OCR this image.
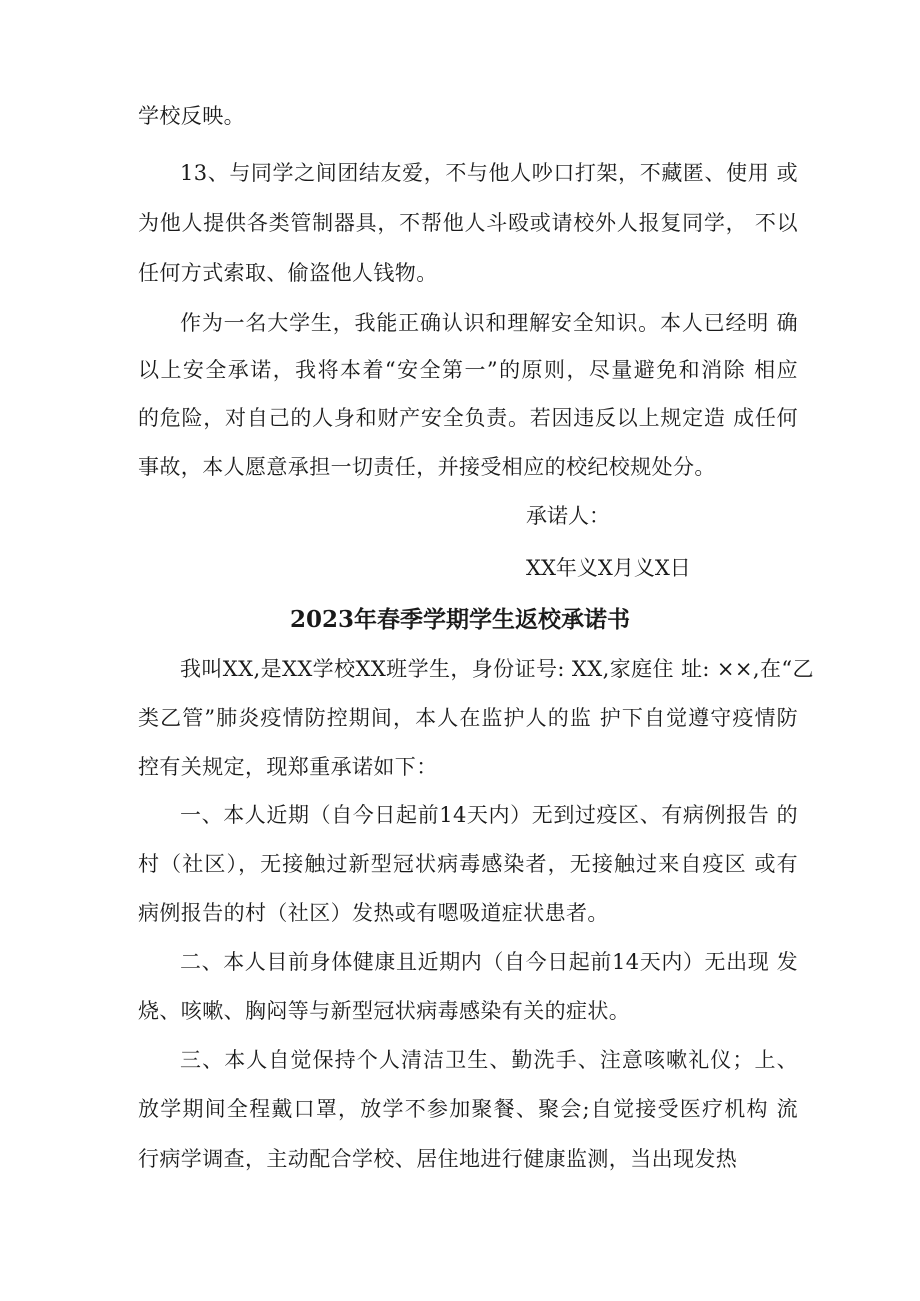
学校反映。
13、与同学之间团结友爱，不与他人吵口打架，不藏匿、使用 或
为他人提供各类管制器具，不帮他人斗殴或请校外人报复同学， 不以
任何方式索取、偷盗他人钱物。
作为一名大学生，我能正确认识和理解安全知识。本人已经明 确
以上安全承诺，我将本着“安全第一”的原则，尽量避免和消除 相应
的危险，对自己的人身和财产安全负责。若因违反以上规定造 成任何
事故，本人愿意承担一切责任，并接受相应的校纪校规处分。
承诺人：
XX年义X月义X日
2023年春季学期学生返校承诺书
我叫XX,是XX学校XX班学生，身份证号: XX,家庭住 址: ××,在“乙
类乙管”肺炎疫情防控期间，本人在监护人的监 护下自觉遵守疫情防
控有关规定，现郑重承诺如下：
一、本人近期（自今日起前14天内）无到过疫区、有病例报告 的
村（社区），无接触过新型冠状病毒感染者，无接触过来自疫区 或有
病例报告的村（社区）发热或有嗯吸道症状患者。
二、本人目前身体健康且近期内（自今日起前14天内）无出现 发
烧、咳嗽、胸闷等与新型冠状病毒感染有关的症状。
三、本人自觉保持个人清洁卫生、勤洗手、注意咳嗽礼仪；上、
放学期间全程戴口罩，放学不参加聚餐、聚会;自觉接受医疗机构 流
行病学调查，主动配合学校、居住地进行健康监测，当出现发热
